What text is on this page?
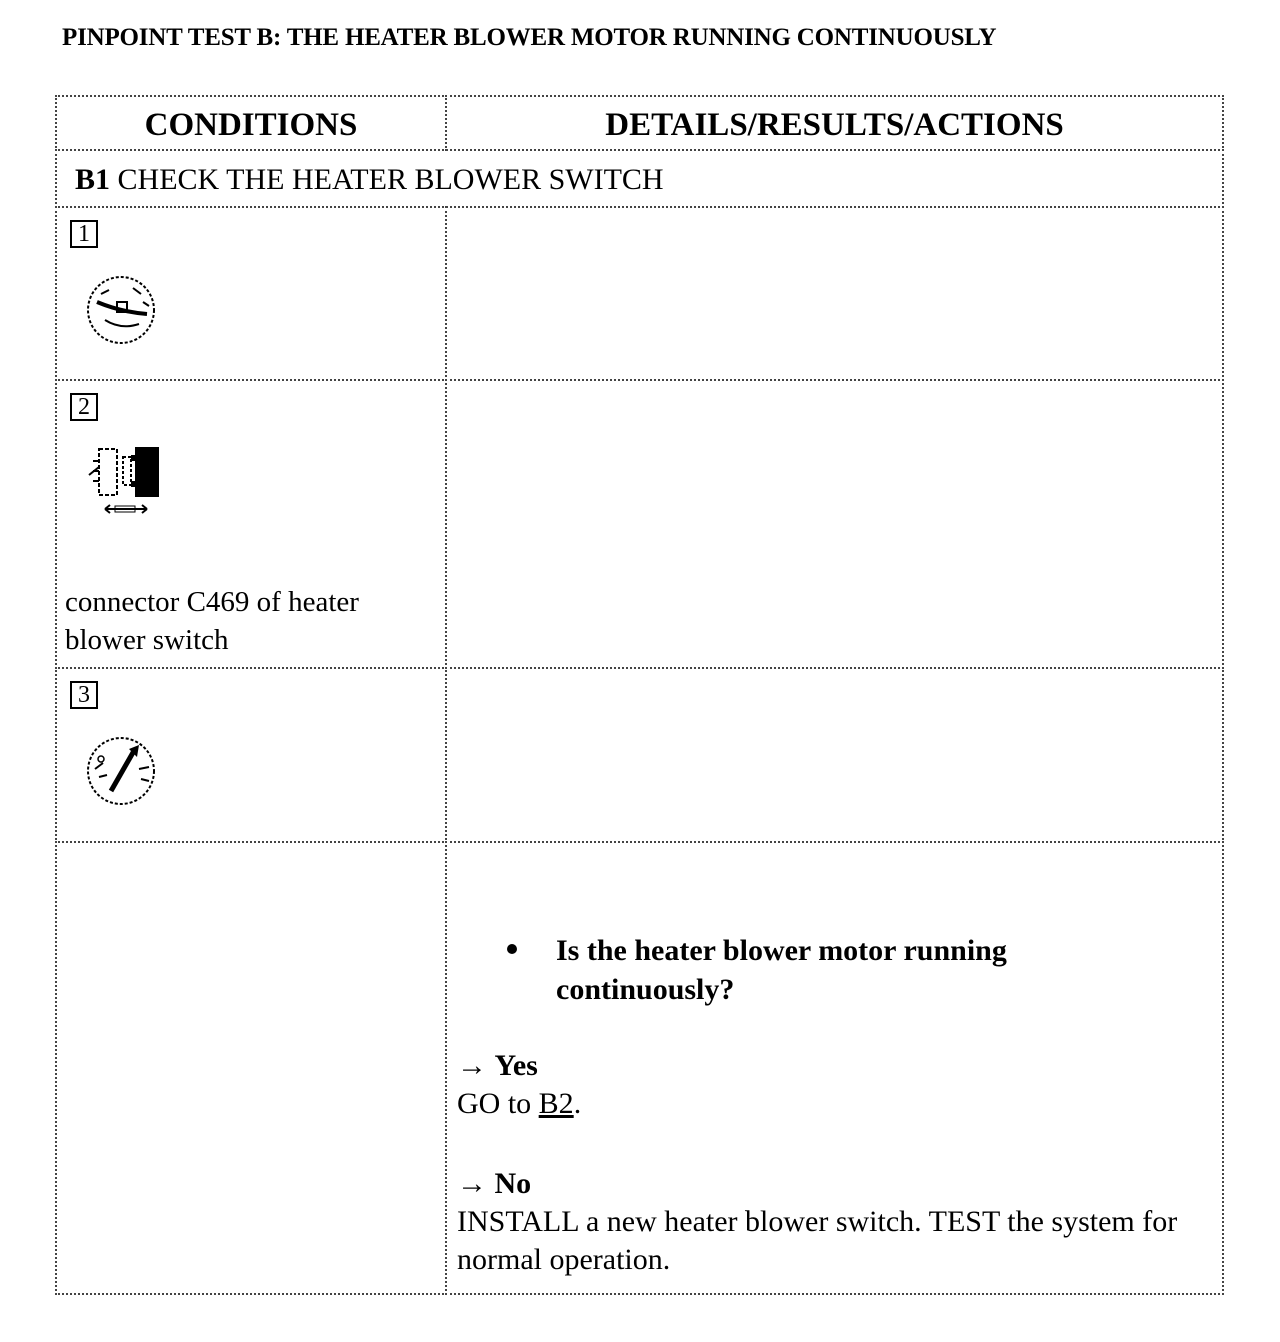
PINPOINT TEST B: THE HEATER BLOWER MOTOR RUNNING CONTINUOUSLY
CONDITIONS	DETAILS/RESULTS/ACTIONS
B1 CHECK THE HEATER BLOWER SWITCH
1
2
connector C469 of heater blower switch
3
Is the heater blower motor running continuously?
→ Yes
GO to B2.
→ No
INSTALL a new heater blower switch. TEST the system for normal operation.
